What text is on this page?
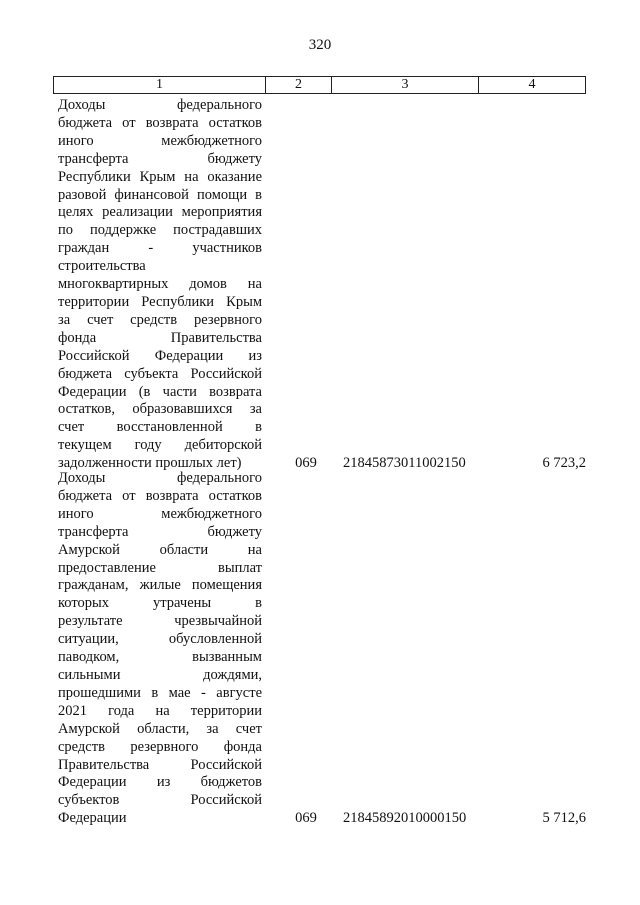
320
1	2	3	4
Доходы федерального
бюджета от возврата остатков
иного межбюджетного
трансферта бюджету
Республики Крым на оказание
разовой финансовой помощи в
целях реализации мероприятия
по поддержке пострадавших
граждан - участников
строительства
многоквартирных домов на
территории Республики Крым
за счет средств резервного
фонда Правительства
Российской Федерации из
бюджета субъекта Российской
Федерации (в части возврата
остатков, образовавшихся за
счет восстановленной в
текущем году дебиторской
задолженности прошлых лет)	069	21845873011002150	6 723,2
Доходы федерального
бюджета от возврата остатков
иного межбюджетного
трансферта бюджету
Амурской области на
предоставление выплат
гражданам, жилые помещения
которых утрачены в
результате чрезвычайной
ситуации, обусловленной
паводком, вызванным
сильными дождями,
прошедшими в мае - августе
2021 года на территории
Амурской области, за счет
средств резервного фонда
Правительства Российской
Федерации из бюджетов
субъектов Российской
Федерации	069	21845892010000150	5 712,6
